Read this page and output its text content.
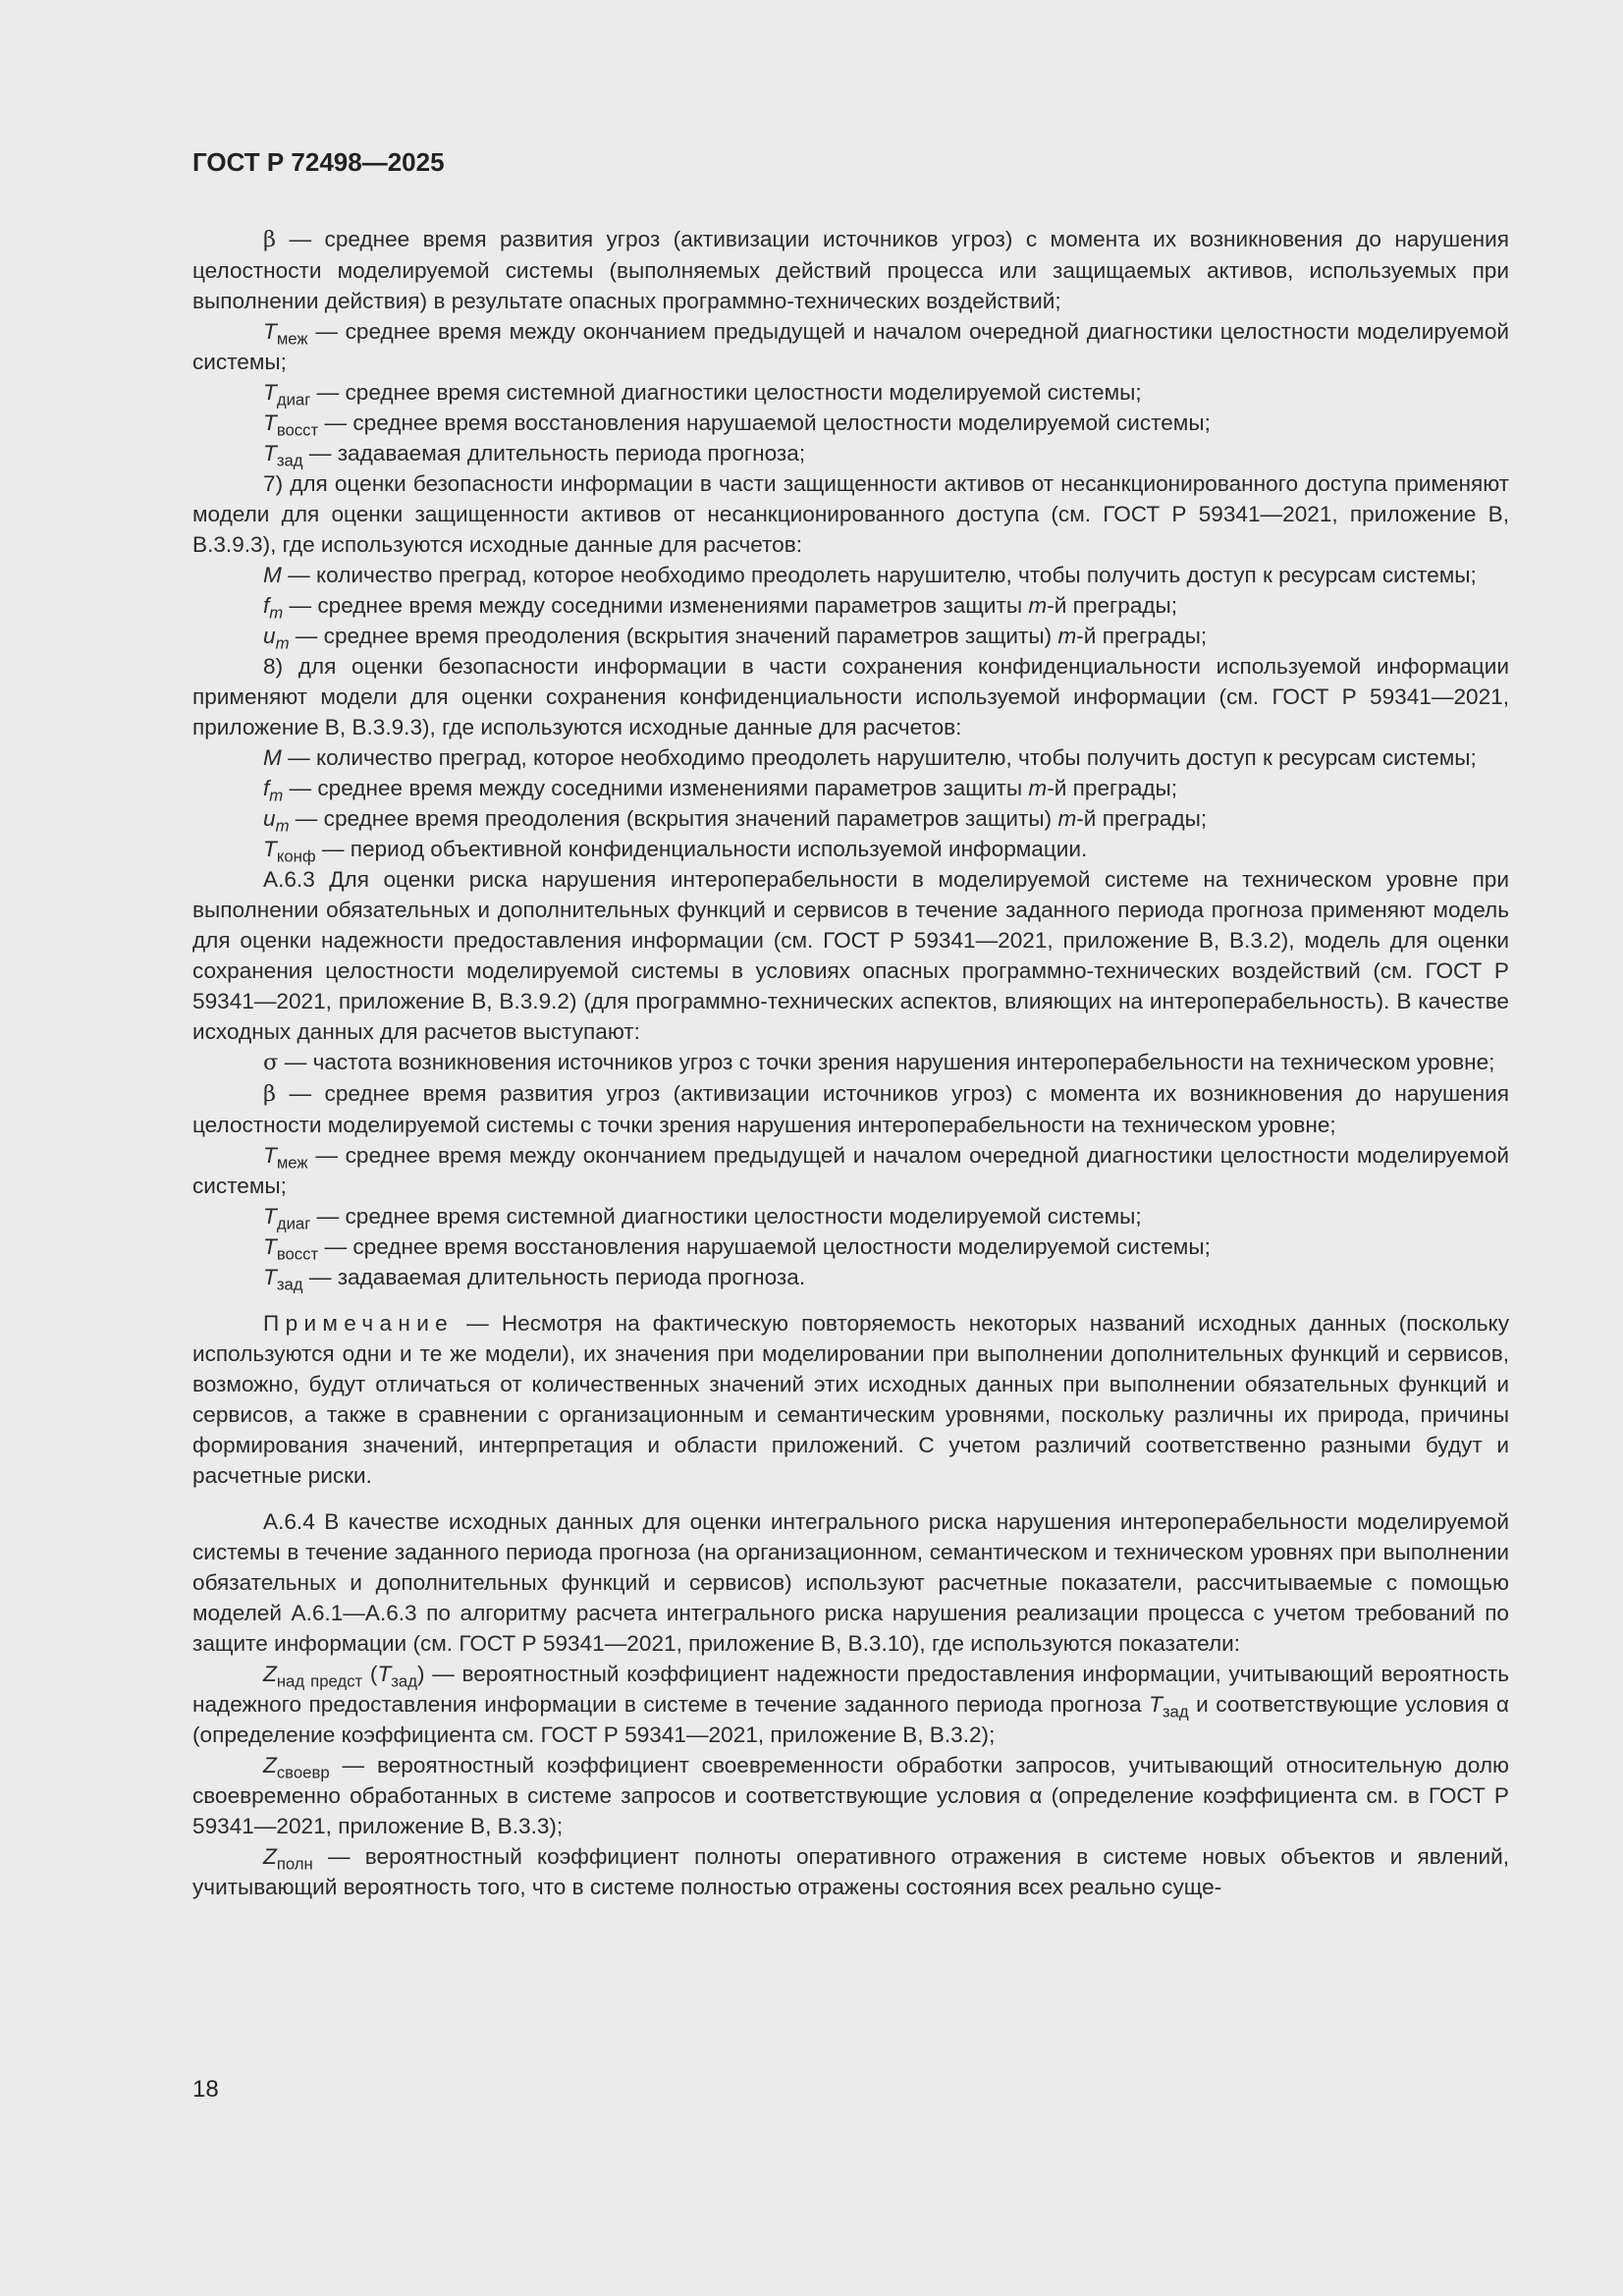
ГОСТ Р 72498—2025

β — среднее время развития угроз (активизации источников угроз) с момента их возникновения до нарушения целостности моделируемой системы (выполняемых действий процесса или защищаемых активов, используемых при выполнении действия) в результате опасных программно-технических воздействий;

$T_{меж}$ — среднее время между окончанием предыдущей и началом очередной диагностики целостности моделируемой системы;

$T_{диаг}$ — среднее время системной диагностики целостности моделируемой системы;

$T_{восст}$ — среднее время восстановления нарушаемой целостности моделируемой системы;

$T_{зад}$ — задаваемая длительность периода прогноза;

7) для оценки безопасности информации в части защищенности активов от несанкционированного доступа применяют модели для оценки защищенности активов от несанкционированного доступа (см. ГОСТ Р 59341—2021, приложение В, В.3.9.3), где используются исходные данные для расчетов:

M — количество преград, которое необходимо преодолеть нарушителю, чтобы получить доступ к ресурсам системы;

$f_m$ — среднее время между соседними изменениями параметров защиты m-й преграды;

$u_m$ — среднее время преодоления (вскрытия значений параметров защиты) m-й преграды;

8) для оценки безопасности информации в части сохранения конфиденциальности используемой информации применяют модели для оценки сохранения конфиденциальности используемой информации (см. ГОСТ Р 59341—2021, приложение В, В.3.9.3), где используются исходные данные для расчетов:

M — количество преград, которое необходимо преодолеть нарушителю, чтобы получить доступ к ресурсам системы;

$f_m$ — среднее время между соседними изменениями параметров защиты m-й преграды;

$u_m$ — среднее время преодоления (вскрытия значений параметров защиты) m-й преграды;

$T_{конф}$ — период объективной конфиденциальности используемой информации.

А.6.3 Для оценки риска нарушения интероперабельности в моделируемой системе на техническом уровне при выполнении обязательных и дополнительных функций и сервисов в течение заданного периода прогноза применяют модель для оценки надежности предоставления информации (см. ГОСТ Р 59341—2021, приложение В, В.3.2), модель для оценки сохранения целостности моделируемой системы в условиях опасных программно-технических воздействий (см. ГОСТ Р 59341—2021, приложение В, В.3.9.2) (для программно-технических аспектов, влияющих на интероперабельность). В качестве исходных данных для расчетов выступают:

σ — частота возникновения источников угроз с точки зрения нарушения интероперабельности на техническом уровне;

β — среднее время развития угроз (активизации источников угроз) с момента их возникновения до нарушения целостности моделируемой системы с точки зрения нарушения интероперабельности на техническом уровне;

$T_{меж}$ — среднее время между окончанием предыдущей и началом очередной диагностики целостности моделируемой системы;

$T_{диаг}$ — среднее время системной диагностики целостности моделируемой системы;

$T_{восст}$ — среднее время восстановления нарушаемой целостности моделируемой системы;

$T_{зад}$ — задаваемая длительность периода прогноза.

Примечание — Несмотря на фактическую повторяемость некоторых названий исходных данных (поскольку используются одни и те же модели), их значения при моделировании при выполнении дополнительных функций и сервисов, возможно, будут отличаться от количественных значений этих исходных данных при выполнении обязательных функций и сервисов, а также в сравнении с организационным и семантическим уровнями, поскольку различны их природа, причины формирования значений, интерпретация и области приложений. С учетом различий соответственно разными будут и расчетные риски.

А.6.4 В качестве исходных данных для оценки интегрального риска нарушения интероперабельности моделируемой системы в течение заданного периода прогноза (на организационном, семантическом и техническом уровнях при выполнении обязательных и дополнительных функций и сервисов) используют расчетные показатели, рассчитываемые с помощью моделей А.6.1—А.6.3 по алгоритму расчета интегрального риска нарушения реализации процесса с учетом требований по защите информации (см. ГОСТ Р 59341—2021, приложение В, В.3.10), где используются показатели:

$Z_{над предст}$ $(T_{зад})$ — вероятностный коэффициент надежности предоставления информации, учитывающий вероятность надежного предоставления информации в системе в течение заданного периода прогноза $T_{зад}$ и соответствующие условия α (определение коэффициента см. ГОСТ Р 59341—2021, приложение В, В.3.2);

$Z_{своевр}$ — вероятностный коэффициент своевременности обработки запросов, учитывающий относительную долю своевременно обработанных в системе запросов и соответствующие условия α (определение коэффициента см. в ГОСТ Р 59341—2021, приложение В, В.3.3);

$Z_{полн}$ — вероятностный коэффициент полноты оперативного отражения в системе новых объектов и явлений, учитывающий вероятность того, что в системе полностью отражены состояния всех реально суще-

18
